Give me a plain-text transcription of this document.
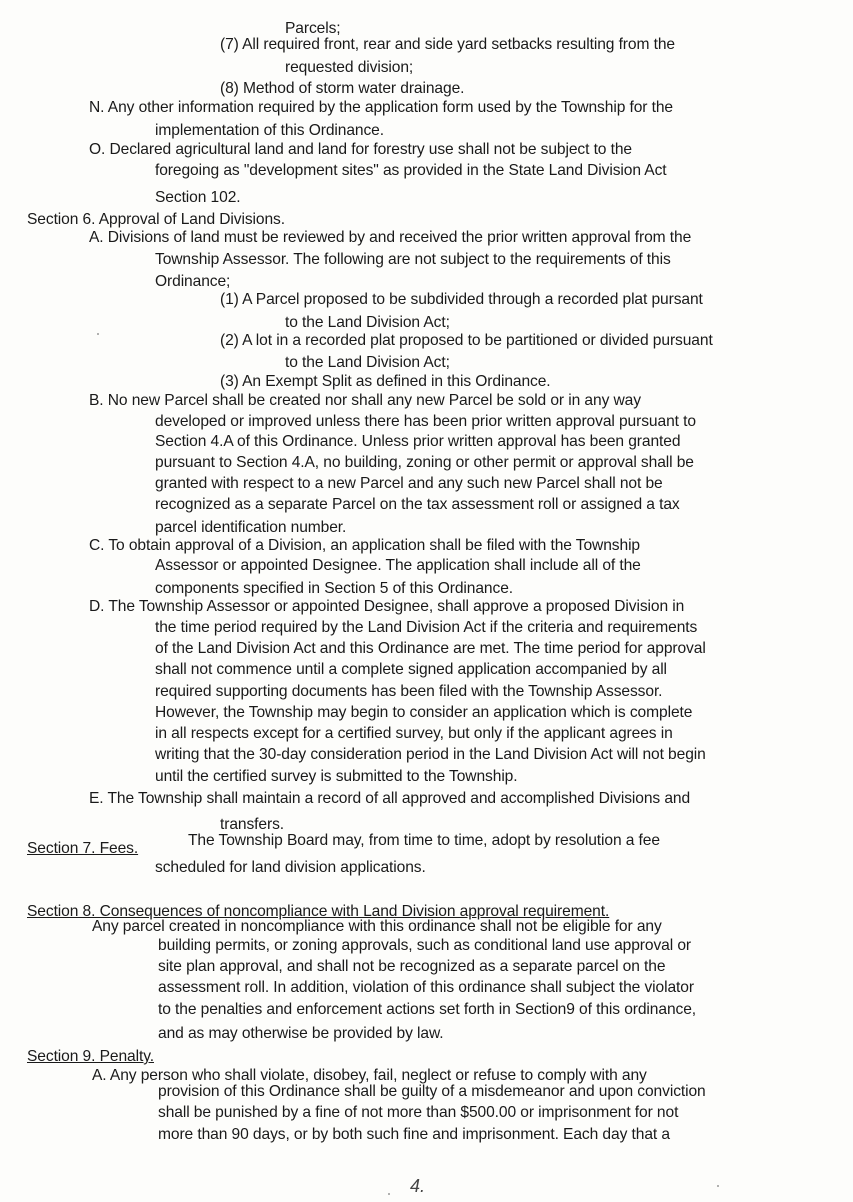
Parcels;
(7) All required front, rear and side yard setbacks resulting from the
requested division;
(8) Method of storm water drainage.
N. Any other information required by the application form used by the Township for the
implementation of this Ordinance.
O. Declared agricultural land and land for forestry use shall not be subject to the
foregoing as "development sites" as provided in the State Land Division Act
Section 102.
Section 6. Approval of Land Divisions.
A. Divisions of land must be reviewed by and received the prior written approval from the
Township Assessor. The following are not subject to the requirements of this
Ordinance;
(1) A Parcel proposed to be subdivided through a recorded plat pursant
to the Land Division Act;
(2) A lot in a recorded plat proposed to be partitioned or divided pursuant
to the Land Division Act;
(3) An Exempt Split as defined in this Ordinance.
B. No new Parcel shall be created nor shall any new Parcel be sold or in any way
developed or improved unless there has been prior written approval pursuant to
Section 4.A of this Ordinance. Unless prior written approval has been granted
pursuant to Section 4.A, no building, zoning or other permit or approval shall be
granted with respect to a new Parcel and any such new Parcel shall not be
recognized as a separate Parcel on the tax assessment roll or assigned a tax
parcel identification number.
C. To obtain approval of a Division, an application shall be filed with the Township
Assessor or appointed Designee. The application shall include all of the
components specified in Section 5 of this Ordinance.
D. The Township Assessor or appointed Designee, shall approve a proposed Division in
the time period required by the Land Division Act if the criteria and requirements
of the Land Division Act and this Ordinance are met. The time period for approval
shall not commence until a complete signed application accompanied by all
required supporting documents has been filed with the Township Assessor.
However, the Township may begin to consider an application which is complete
in all respects except for a certified survey, but only if the applicant agrees in
writing that the 30-day consideration period in the Land Division Act will not begin
until the certified survey is submitted to the Township.
E. The Township shall maintain a record of all approved and accomplished Divisions and
transfers.
Section 7. Fees.	The Township Board may, from time to time, adopt by resolution a fee
scheduled for land division applications.
Section 8. Consequences of noncompliance with Land Division approval requirement.
Any parcel created in noncompliance with this ordinance shall not be eligible for any
building permits, or zoning approvals, such as conditional land use approval or
site plan approval, and shall not be recognized as a separate parcel on the
assessment roll. In addition, violation of this ordinance shall subject the violator
to the penalties and enforcement actions set forth in Section9 of this ordinance,
and as may otherwise be provided by law.
Section 9. Penalty.
A. Any person who shall violate, disobey, fail, neglect or refuse to comply with any
provision of this Ordinance shall be guilty of a misdemeanor and upon conviction
shall be punished by a fine of not more than $500.00 or imprisonment for not
more than 90 days, or by both such fine and imprisonment. Each day that a
4.
